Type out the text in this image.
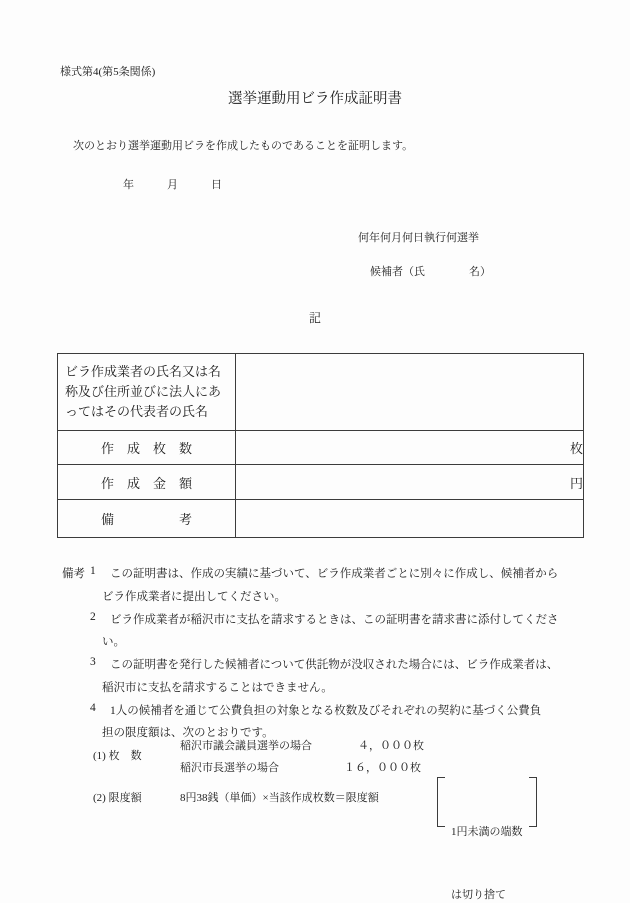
様式第4(第5条関係)
選挙運動用ビラ作成証明書
次のとおり選挙運動用ビラを作成したものであることを証明します。
年　　　月　　　日
何年何月何日執行何選挙
候補者（氏　　　　名）
記
ビラ作成業者の氏名又は名
称及び住所並びに法人にあ
ってはその代表者の氏名	

作　成　枚　数	枚
作　成　金　額	円
備　　　　　考	
備考 1 この証明書は、作成の実績に基づいて、ビラ作成業者ごとに別々に作成し、候補者から
ビラ作成業者に提出してください。
2 ビラ作成業者が稲沢市に支払を請求するときは、この証明書を請求書に添付してくださ
い。
3 この証明書を発行した候補者について供託物が没収された場合には、ビラ作成業者は、
稲沢市に支払を請求することはできません。
4 1人の候補者を通じて公費負担の対象となる枚数及びそれぞれの契約に基づく公費負
担の限度額は、次のとおりです。
(1) 枚　数
稲沢市議会議員選挙の場合	４，０００枚
稲沢市長選挙の場合	１６，０００枚
(2) 限度額	8円38銭（単価）×当該作成枚数＝限度額

1円未満の端数

は切り捨て
